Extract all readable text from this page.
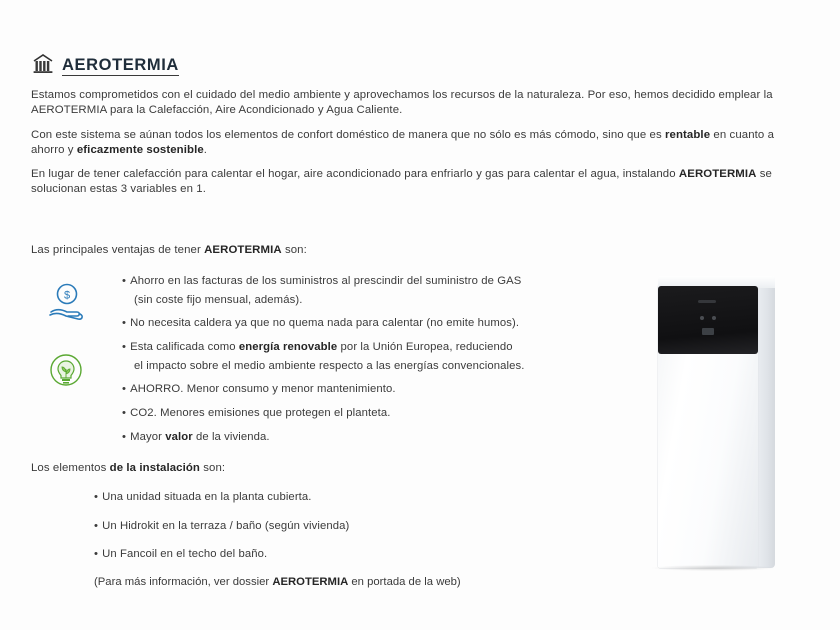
AEROTERMIA

Estamos comprometidos con el cuidado del medio ambiente y aprovechamos los recursos de la naturaleza. Por eso, hemos decidido emplear la AEROTERMIA para la Calefacción, Aire Acondicionado y Agua Caliente.

Con este sistema se aúnan todos los elementos de confort doméstico de manera que no sólo es más cómodo, sino que es rentable en cuanto a ahorro y eficazmente sostenible.

En lugar de tener calefacción para calentar el hogar, aire acondicionado para enfriarlo y gas para calentar el agua, instalando AEROTERMIA se solucionan estas 3 variables en 1.

Las principales ventajas de tener AEROTERMIA son:
$
• Ahorro en las facturas de los suministros al prescindir del suministro de GAS
(sin coste fijo mensual, además).
• No necesita caldera ya que no quema nada para calentar (no emite humos).
• Esta calificada como energía renovable por la Unión Europea, reduciendo
el impacto sobre el medio ambiente respecto a las energías convencionales.
• AHORRO. Menor consumo y menor mantenimiento.
• CO2. Menores emisiones que protegen el planteta.
• Mayor valor de la vivienda.
Los elementos de la instalación son:
• Una unidad situada en la planta cubierta.
• Un Hidrokit en la terraza / baño (según vivienda)
• Un Fancoil en el techo del baño.
(Para más información, ver dossier AEROTERMIA en portada de la web)
